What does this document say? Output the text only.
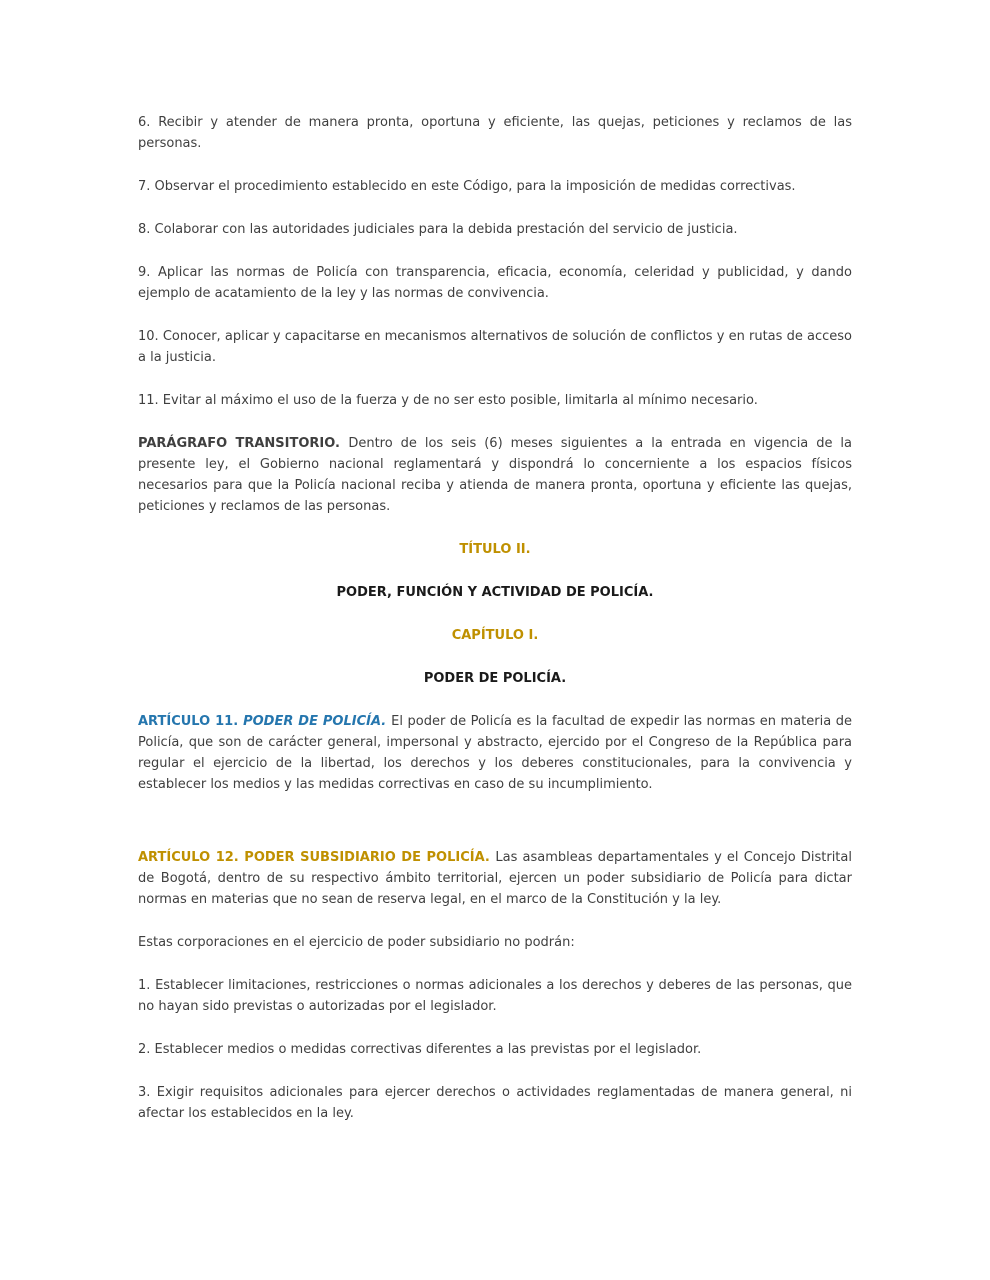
6. Recibir y atender de manera pronta, oportuna y eficiente, las quejas, peticiones y reclamos de las personas.

7. Observar el procedimiento establecido en este Código, para la imposición de medidas correctivas.

8. Colaborar con las autoridades judiciales para la debida prestación del servicio de justicia.

9. Aplicar las normas de Policía con transparencia, eficacia, economía, celeridad y publicidad, y dando ejemplo de acatamiento de la ley y las normas de convivencia.

10. Conocer, aplicar y capacitarse en mecanismos alternativos de solución de conflictos y en rutas de acceso a la justicia.

11. Evitar al máximo el uso de la fuerza y de no ser esto posible, limitarla al mínimo necesario.

PARÁGRAFO TRANSITORIO. Dentro de los seis (6) meses siguientes a la entrada en vigencia de la presente ley, el Gobierno nacional reglamentará y dispondrá lo concerniente a los espacios físicos necesarios para que la Policía nacional reciba y atienda de manera pronta, oportuna y eficiente las quejas, peticiones y reclamos de las personas.

TÍTULO II.

PODER, FUNCIÓN Y ACTIVIDAD DE POLICÍA.

CAPÍTULO I.

PODER DE POLICÍA.

ARTÍCULO 11. PODER DE POLICÍA. El poder de Policía es la facultad de expedir las normas en materia de Policía, que son de carácter general, impersonal y abstracto, ejercido por el Congreso de la República para regular el ejercicio de la libertad, los derechos y los deberes constitucionales, para la convivencia y establecer los medios y las medidas correctivas en caso de su incumplimiento.

ARTÍCULO 12. PODER SUBSIDIARIO DE POLICÍA. Las asambleas departamentales y el Concejo Distrital de Bogotá, dentro de su respectivo ámbito territorial, ejercen un poder subsidiario de Policía para dictar normas en materias que no sean de reserva legal, en el marco de la Constitución y la ley.

Estas corporaciones en el ejercicio de poder subsidiario no podrán:

1. Establecer limitaciones, restricciones o normas adicionales a los derechos y deberes de las personas, que no hayan sido previstas o autorizadas por el legislador.

2. Establecer medios o medidas correctivas diferentes a las previstas por el legislador.

3. Exigir requisitos adicionales para ejercer derechos o actividades reglamentadas de manera general, ni afectar los establecidos en la ley.
